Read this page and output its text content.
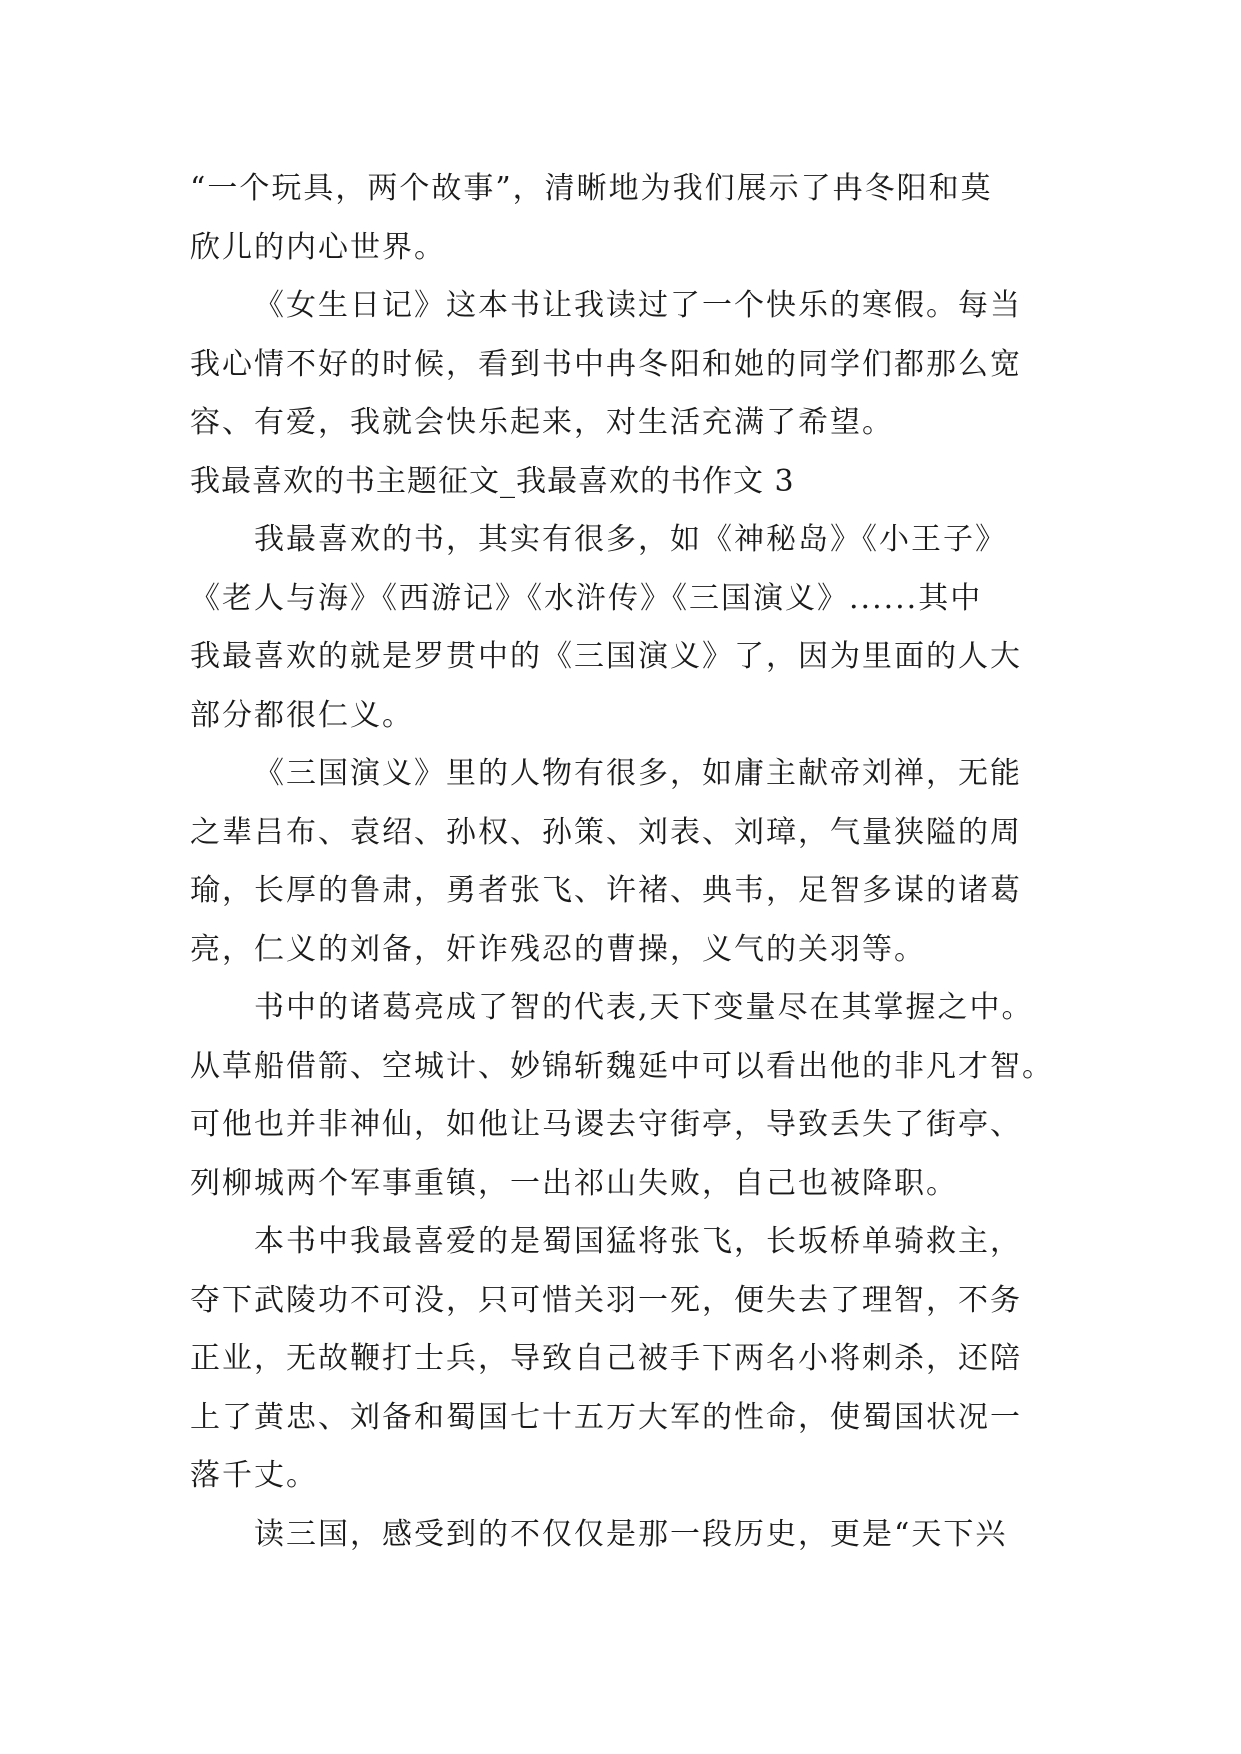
“一个玩具，两个故事”，清晰地为我们展示了冉冬阳和莫
欣儿的内心世界。

《女生日记》这本书让我读过了一个快乐的寒假。每当
我心情不好的时候，看到书中冉冬阳和她的同学们都那么宽
容、有爱，我就会快乐起来，对生活充满了希望。

我最喜欢的书主题征文_我最喜欢的书作文 3

我最喜欢的书，其实有很多，如《神秘岛》《小王子》
《老人与海》《西游记》《水浒传》《三国演义》......其中
我最喜欢的就是罗贯中的《三国演义》了，因为里面的人大
部分都很仁义。

《三国演义》里的人物有很多，如庸主献帝刘禅，无能
之辈吕布、袁绍、孙权、孙策、刘表、刘璋，气量狭隘的周
瑜，长厚的鲁肃，勇者张飞、许褚、典韦，足智多谋的诸葛
亮，仁义的刘备，奸诈残忍的曹操，义气的关羽等。

书中的诸葛亮成了智的代表,天下变量尽在其掌握之中。
从草船借箭、空城计、妙锦斩魏延中可以看出他的非凡才智。
可他也并非神仙，如他让马谡去守街亭，导致丢失了街亭、
列柳城两个军事重镇，一出祁山失败，自己也被降职。

本书中我最喜爱的是蜀国猛将张飞，长坂桥单骑救主，
夺下武陵功不可没，只可惜关羽一死，便失去了理智，不务
正业，无故鞭打士兵，导致自己被手下两名小将刺杀，还陪
上了黄忠、刘备和蜀国七十五万大军的性命，使蜀国状况一
落千丈。

读三国，感受到的不仅仅是那一段历史，更是“天下兴
